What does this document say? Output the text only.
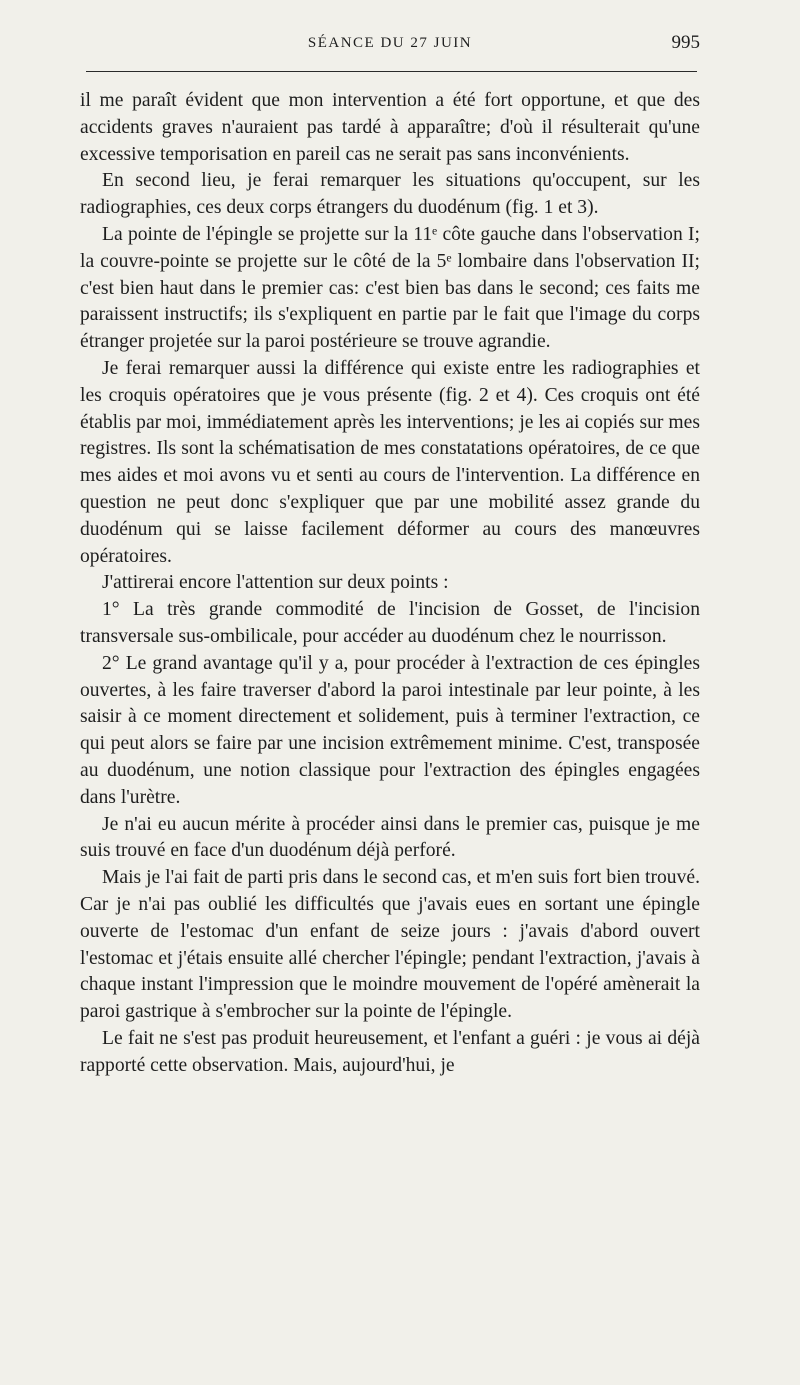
SÉANCE DU 27 JUIN	995

il me paraît évident que mon intervention a été fort opportune, et que des accidents graves n'auraient pas tardé à apparaître; d'où il résulterait qu'une excessive temporisation en pareil cas ne serait pas sans inconvénients.

En second lieu, je ferai remarquer les situations qu'occupent, sur les radiographies, ces deux corps étrangers du duodénum (fig. 1 et 3).

La pointe de l'épingle se projette sur la 11ᵉ côte gauche dans l'observation I; la couvre-pointe se projette sur le côté de la 5ᵉ lombaire dans l'observation II; c'est bien haut dans le premier cas: c'est bien bas dans le second; ces faits me paraissent instructifs; ils s'expliquent en partie par le fait que l'image du corps étranger projetée sur la paroi postérieure se trouve agrandie.

Je ferai remarquer aussi la différence qui existe entre les radiographies et les croquis opératoires que je vous présente (fig. 2 et 4). Ces croquis ont été établis par moi, immédiatement après les interventions; je les ai copiés sur mes registres. Ils sont la schématisation de mes constatations opératoires, de ce que mes aides et moi avons vu et senti au cours de l'intervention. La différence en question ne peut donc s'expliquer que par une mobilité assez grande du duodénum qui se laisse facilement déformer au cours des manœuvres opératoires.

J'attirerai encore l'attention sur deux points :

1° La très grande commodité de l'incision de Gosset, de l'incision transversale sus-ombilicale, pour accéder au duodénum chez le nourrisson.

2° Le grand avantage qu'il y a, pour procéder à l'extraction de ces épingles ouvertes, à les faire traverser d'abord la paroi intestinale par leur pointe, à les saisir à ce moment directement et solidement, puis à terminer l'extraction, ce qui peut alors se faire par une incision extrêmement minime. C'est, transposée au duodénum, une notion classique pour l'extraction des épingles engagées dans l'urètre.

Je n'ai eu aucun mérite à procéder ainsi dans le premier cas, puisque je me suis trouvé en face d'un duodénum déjà perforé.

Mais je l'ai fait de parti pris dans le second cas, et m'en suis fort bien trouvé. Car je n'ai pas oublié les difficultés que j'avais eues en sortant une épingle ouverte de l'estomac d'un enfant de seize jours : j'avais d'abord ouvert l'estomac et j'étais ensuite allé chercher l'épingle; pendant l'extraction, j'avais à chaque instant l'impression que le moindre mouvement de l'opéré amènerait la paroi gastrique à s'embrocher sur la pointe de l'épingle.

Le fait ne s'est pas produit heureusement, et l'enfant a guéri : je vous ai déjà rapporté cette observation. Mais, aujourd'hui, je
